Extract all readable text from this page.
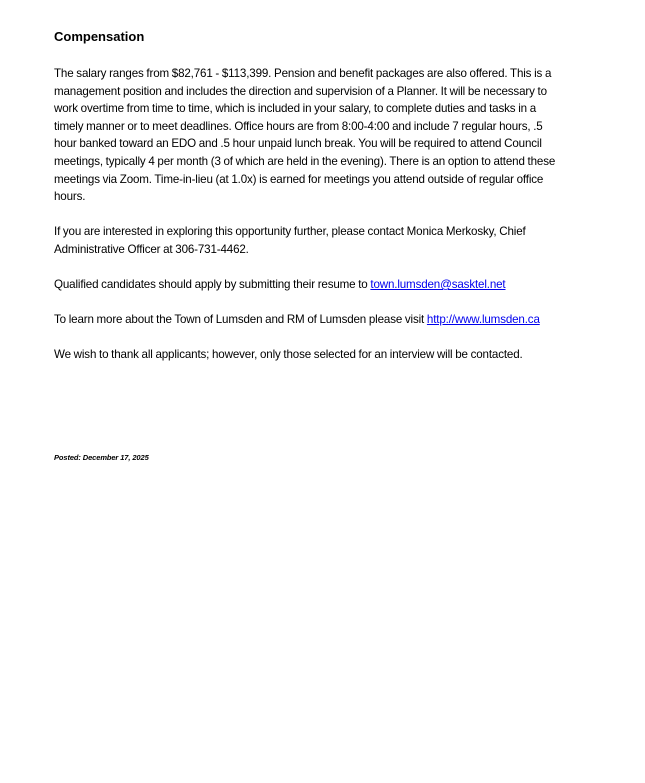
Compensation
The salary ranges from $82,761 - $113,399. Pension and benefit packages are also offered. This is a
management position and includes the direction and supervision of a Planner. It will be necessary to
work overtime from time to time, which is included in your salary, to complete duties and tasks in a
timely manner or to meet deadlines. Office hours are from 8:00-4:00 and include 7 regular hours, .5
hour banked toward an EDO and .5 hour unpaid lunch break. You will be required to attend Council
meetings, typically 4 per month (3 of which are held in the evening). There is an option to attend these
meetings via Zoom. Time-in-lieu (at 1.0x) is earned for meetings you attend outside of regular office
hours.
If you are interested in exploring this opportunity further, please contact Monica Merkosky, Chief
Administrative Officer at 306-731-4462.
Qualified candidates should apply by submitting their resume to town.lumsden@sasktel.net
To learn more about the Town of Lumsden and RM of Lumsden please visit http://www.lumsden.ca
We wish to thank all applicants; however, only those selected for an interview will be contacted.
Posted: December 17, 2025
